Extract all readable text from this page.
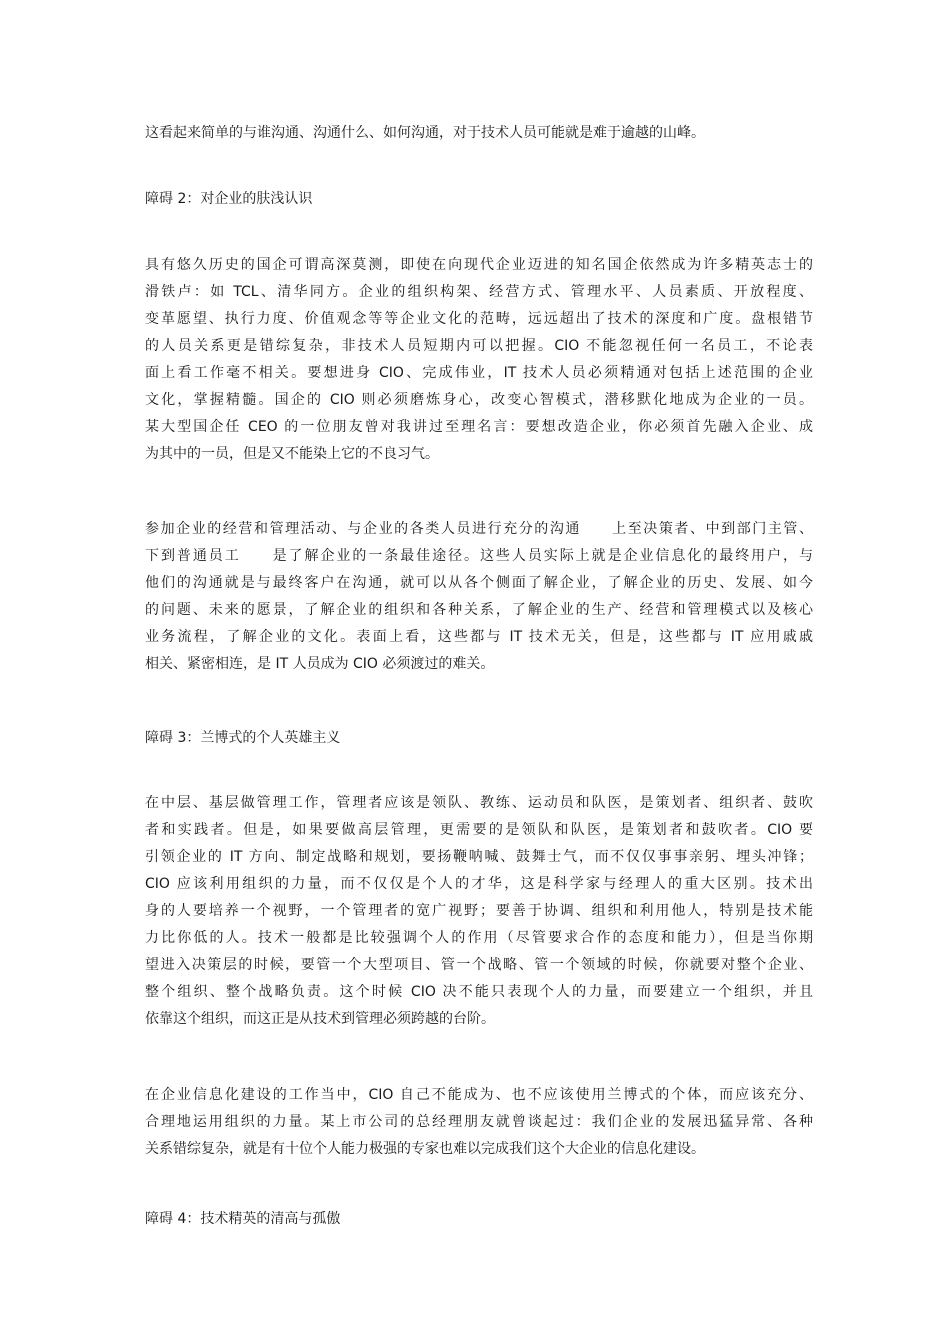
这看起来简单的与谁沟通、沟通什么、如何沟通，对于技术人员可能就是难于逾越的山峰。

障碍 2：对企业的肤浅认识

具有悠久历史的国企可谓高深莫测，即使在向现代企业迈进的知名国企依然成为许多精英志士的
滑铁卢：如 TCL、清华同方。企业的组织构架、经营方式、管理水平、人员素质、开放程度、
变革愿望、执行力度、价值观念等等企业文化的范畴，远远超出了技术的深度和广度。盘根错节
的人员关系更是错综复杂，非技术人员短期内可以把握。CIO 不能忽视任何一名员工，不论表
面上看工作毫不相关。要想进身 CIO、完成伟业，IT 技术人员必须精通对包括上述范围的企业
文化，掌握精髓。国企的 CIO 则必须磨炼身心，改变心智模式，潜移默化地成为企业的一员。
某大型国企任 CEO 的一位朋友曾对我讲过至理名言：要想改造企业，你必须首先融入企业、成
为其中的一员，但是又不能染上它的不良习气。

参加企业的经营和管理活动、与企业的各类人员进行充分的沟通　　上至决策者、中到部门主管、
下到普通员工　　是了解企业的一条最佳途径。这些人员实际上就是企业信息化的最终用户，与
他们的沟通就是与最终客户在沟通，就可以从各个侧面了解企业，了解企业的历史、发展、如今
的问题、未来的愿景，了解企业的组织和各种关系，了解企业的生产、经营和管理模式以及核心
业务流程，了解企业的文化。表面上看，这些都与 IT 技术无关，但是，这些都与 IT 应用戚戚
相关、紧密相连，是 IT 人员成为 CIO 必须渡过的难关。

障碍 3：兰博式的个人英雄主义

在中层、基层做管理工作，管理者应该是领队、教练、运动员和队医，是策划者、组织者、鼓吹
者和实践者。但是，如果要做高层管理，更需要的是领队和队医，是策划者和鼓吹者。CIO 要
引领企业的 IT 方向、制定战略和规划，要扬鞭呐喊、鼓舞士气，而不仅仅事事亲躬、埋头冲锋；
CIO 应该利用组织的力量，而不仅仅是个人的才华，这是科学家与经理人的重大区别。技术出
身的人要培养一个视野，一个管理者的宽广视野；要善于协调、组织和利用他人，特别是技术能
力比你低的人。技术一般都是比较强调个人的作用（尽管要求合作的态度和能力），但是当你期
望进入决策层的时候，要管一个大型项目、管一个战略、管一个领域的时候，你就要对整个企业、
整个组织、整个战略负责。这个时候 CIO 决不能只表现个人的力量，而要建立一个组织，并且
依靠这个组织，而这正是从技术到管理必须跨越的台阶。

在企业信息化建设的工作当中，CIO 自己不能成为、也不应该使用兰博式的个体，而应该充分、
合理地运用组织的力量。某上市公司的总经理朋友就曾谈起过：我们企业的发展迅猛异常、各种
关系错综复杂，就是有十位个人能力极强的专家也难以完成我们这个大企业的信息化建设。

障碍 4：技术精英的清高与孤傲
